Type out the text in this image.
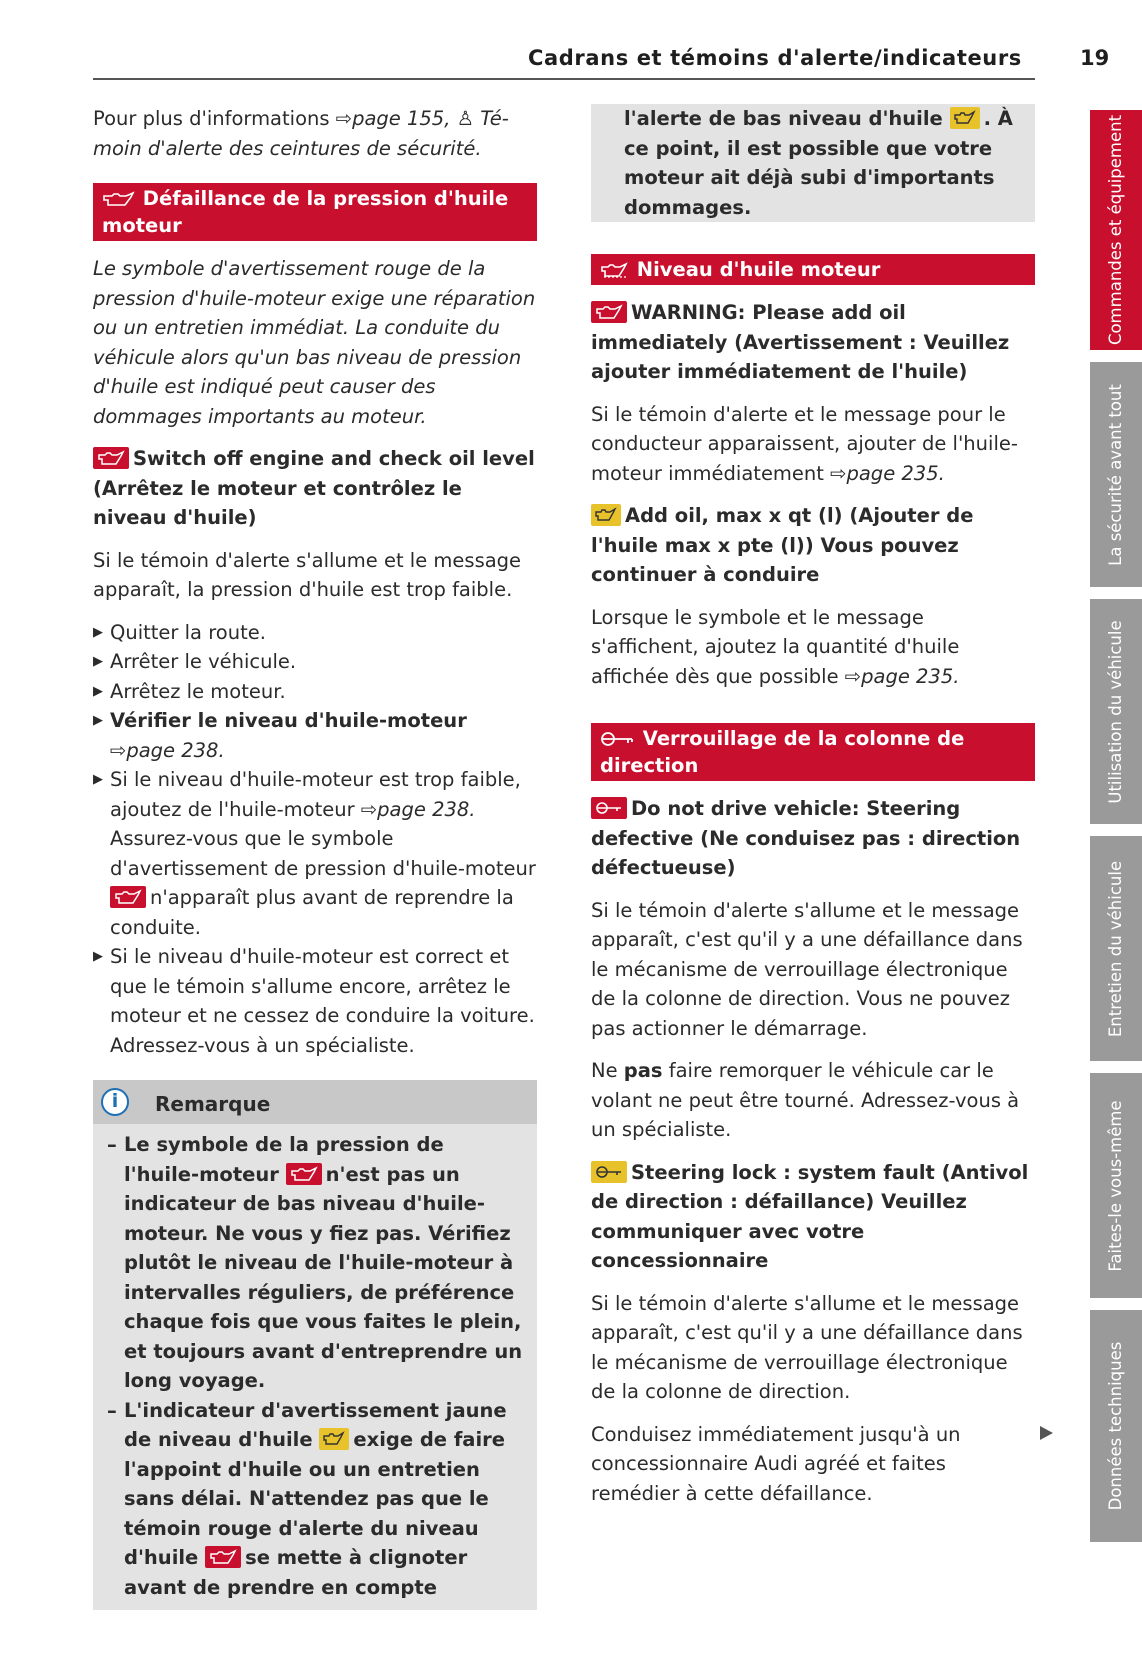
Cadrans et témoins d'alerte/indicateurs	19

Pour plus d'informations ⇨page 155, ♙ Té-moin d'alerte des ceintures de sécurité.

Défaillance de la pression d'huile moteur

Le symbole d'avertissement rouge de la pression d'huile-moteur exige une réparation ou un entretien immédiat. La conduite du véhicule alors qu'un bas niveau de pression d'huile est indiqué peut causer des dommages importants au moteur.

Switch off engine and check oil level (Arrêtez le moteur et contrôlez le niveau d'huile)

Si le témoin d'alerte s'allume et le message apparaît, la pression d'huile est trop faible.

▶ Quitter la route.
▶ Arrêter le véhicule.
▶ Arrêtez le moteur.
▶ Vérifier le niveau d'huile-moteur
⇨page 238.
▶ Si le niveau d'huile-moteur est trop faible, ajoutez de l'huile-moteur ⇨page 238. Assurez-vous que le symbole d'avertissement de pression d'huile-moteur
n'apparaît plus avant de reprendre la conduite.
▶ Si le niveau d'huile-moteur est correct et que le témoin s'allume encore, arrêtez le moteur et ne cessez de conduire la voiture. Adressez-vous à un spécialiste.
i	Remarque
– Le symbole de la pression de l'huile-moteur n'est pas un indicateur de bas niveau d'huile-moteur. Ne vous y fiez pas. Vérifiez plutôt le niveau de l'huile-moteur à intervalles réguliers, de préférence chaque fois que vous faites le plein, et toujours avant d'entreprendre un long voyage.
– L'indicateur d'avertissement jaune de niveau d'huile exige de faire l'appoint d'huile ou un entretien sans délai. N'attendez pas que le témoin rouge d'alerte du niveau d'huile se mette à clignoter avant de prendre en compte
l'alerte de bas niveau d'huile . À ce point, il est possible que votre moteur ait déjà subi d'importants dommages.
Niveau d'huile moteur

WARNING: Please add oil immediately (Avertissement : Veuillez ajouter immédiatement de l'huile)

Si le témoin d'alerte et le message pour le conducteur apparaissent, ajouter de l'huile-moteur immédiatement ⇨page 235.

Add oil, max x qt (l) (Ajouter de l'huile max x pte (l)) Vous pouvez continuer à conduire

Lorsque le symbole et le message s'affichent, ajoutez la quantité d'huile affichée dès que possible ⇨page 235.

Verrouillage de la colonne de direction

Do not drive vehicle: Steering defective (Ne conduisez pas : direction défectueuse)

Si le témoin d'alerte s'allume et le message apparaît, c'est qu'il y a une défaillance dans le mécanisme de verrouillage électronique de la colonne de direction. Vous ne pouvez pas actionner le démarrage.

Ne pas faire remorquer le véhicule car le volant ne peut être tourné. Adressez-vous à un spécialiste.

Steering lock : system fault (Antivol de direction : défaillance) Veuillez communiquer avec votre concessionnaire

Si le témoin d'alerte s'allume et le message apparaît, c'est qu'il y a une défaillance dans le mécanisme de verrouillage électronique de la colonne de direction.

Conduisez immédiatement jusqu'à un concessionnaire Audi agréé et faites remédier à cette défaillance.

Commandes et équipement
La sécurité avant tout
Utilisation du véhicule
Entretien du véhicule
Faites-le vous-même
Données techniques
